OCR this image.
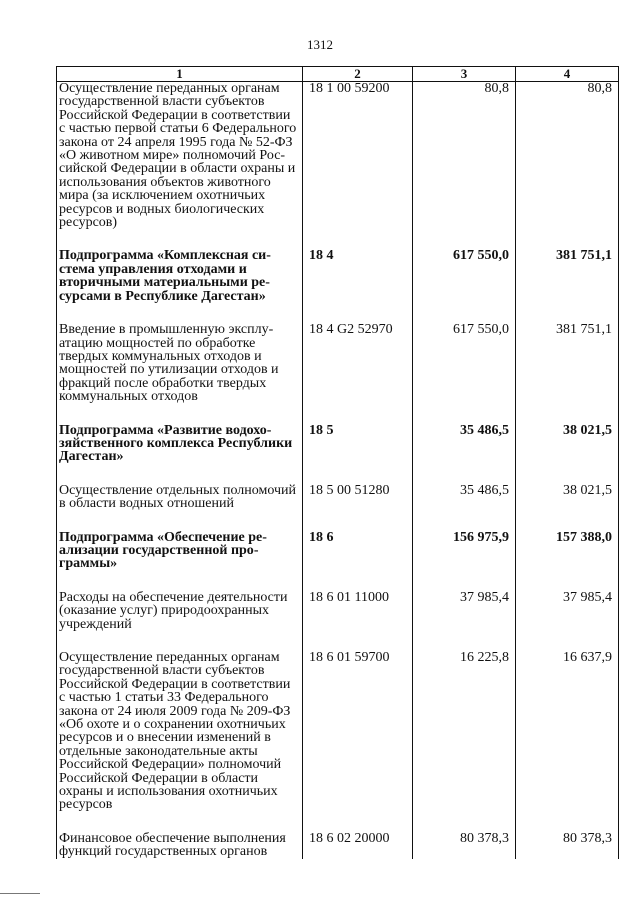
1312
1	2	3	4
Осуществление переданных органам государственной власти субъектов Российской Федерации в соответствии с частью первой статьи 6 Федерального закона от 24 апреля 1995 года № 52-ФЗ «О животном мире» полномочий Российской Федерации в области охраны и использования объектов животного мира (за исключением охотничьих ресурсов и водных биологических ресурсов)	18 1 00 59200	80,8	80,8

Подпрограмма «Комплексная система управления отходами и вторичными материальными ресурсами в Республике Дагестан»	18 4	617 550,0	381 751,1

Введение в промышленную эксплуатацию мощностей по обработке твердых коммунальных отходов и мощностей по утилизации отходов и фракций после обработки твердых коммунальных отходов	18 4 G2 52970	617 550,0	381 751,1

Подпрограмма «Развитие водохозяйственного комплекса Республики Дагестан»	18 5	35 486,5	38 021,5

Осуществление отдельных полномочий в области водных отношений	18 5 00 51280	35 486,5	38 021,5

Подпрограмма «Обеспечение реализации государственной программы»	18 6	156 975,9	157 388,0

Расходы на обеспечение деятельности (оказание услуг) природоохранных учреждений	18 6 01 11000	37 985,4	37 985,4

Осуществление переданных органам государственной власти субъектов Российской Федерации в соответствии с частью 1 статьи 33 Федерального закона от 24 июля 2009 года № 209-ФЗ «Об охоте и о сохранении охотничьих ресурсов и о внесении изменений в отдельные законодательные акты Российской Федерации» полномочий Российской Федерации в области охраны и использования охотничьих ресурсов	18 6 01 59700	16 225,8	16 637,9

Финансовое обеспечение выполнения функций государственных органов	18 6 02 20000	80 378,3	80 378,3
